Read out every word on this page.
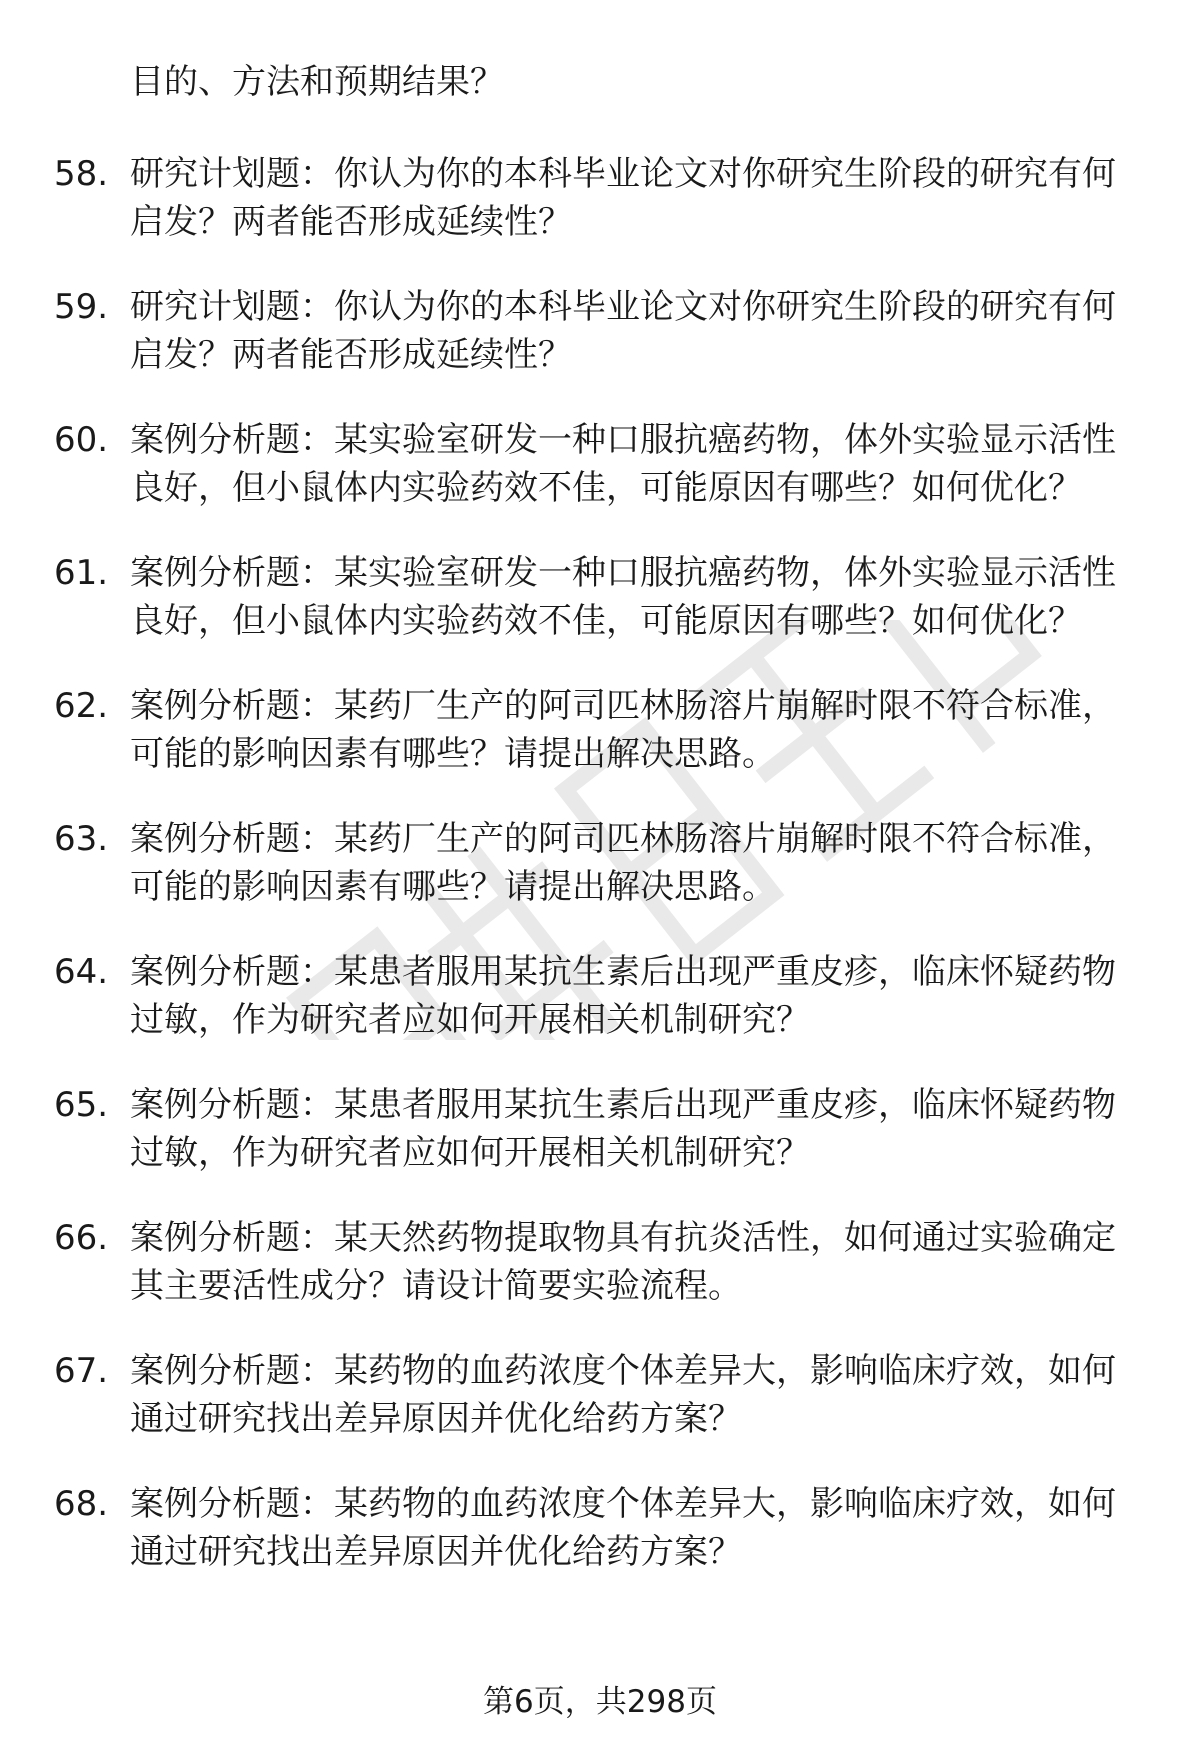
目的、方法和预期结果？
58. 研究计划题：你认为你的本科毕业论文对你研究生阶段的研究有何启发？两者能否形成延续性？
59. 研究计划题：你认为你的本科毕业论文对你研究生阶段的研究有何启发？两者能否形成延续性？
60. 案例分析题：某实验室研发一种口服抗癌药物，体外实验显示活性良好，但小鼠体内实验药效不佳，可能原因有哪些？如何优化？
61. 案例分析题：某实验室研发一种口服抗癌药物，体外实验显示活性良好，但小鼠体内实验药效不佳，可能原因有哪些？如何优化？
62. 案例分析题：某药厂生产的阿司匹林肠溶片崩解时限不符合标准，可能的影响因素有哪些？请提出解决思路。
63. 案例分析题：某药厂生产的阿司匹林肠溶片崩解时限不符合标准，可能的影响因素有哪些？请提出解决思路。
64. 案例分析题：某患者服用某抗生素后出现严重皮疹，临床怀疑药物过敏，作为研究者应如何开展相关机制研究？
65. 案例分析题：某患者服用某抗生素后出现严重皮疹，临床怀疑药物过敏，作为研究者应如何开展相关机制研究？
66. 案例分析题：某天然药物提取物具有抗炎活性，如何通过实验确定其主要活性成分？请设计简要实验流程。
67. 案例分析题：某药物的血药浓度个体差异大，影响临床疗效，如何通过研究找出差异原因并优化给药方案？
68. 案例分析题：某药物的血药浓度个体差异大，影响临床疗效，如何通过研究找出差异原因并优化给药方案？
第6页，共298页
